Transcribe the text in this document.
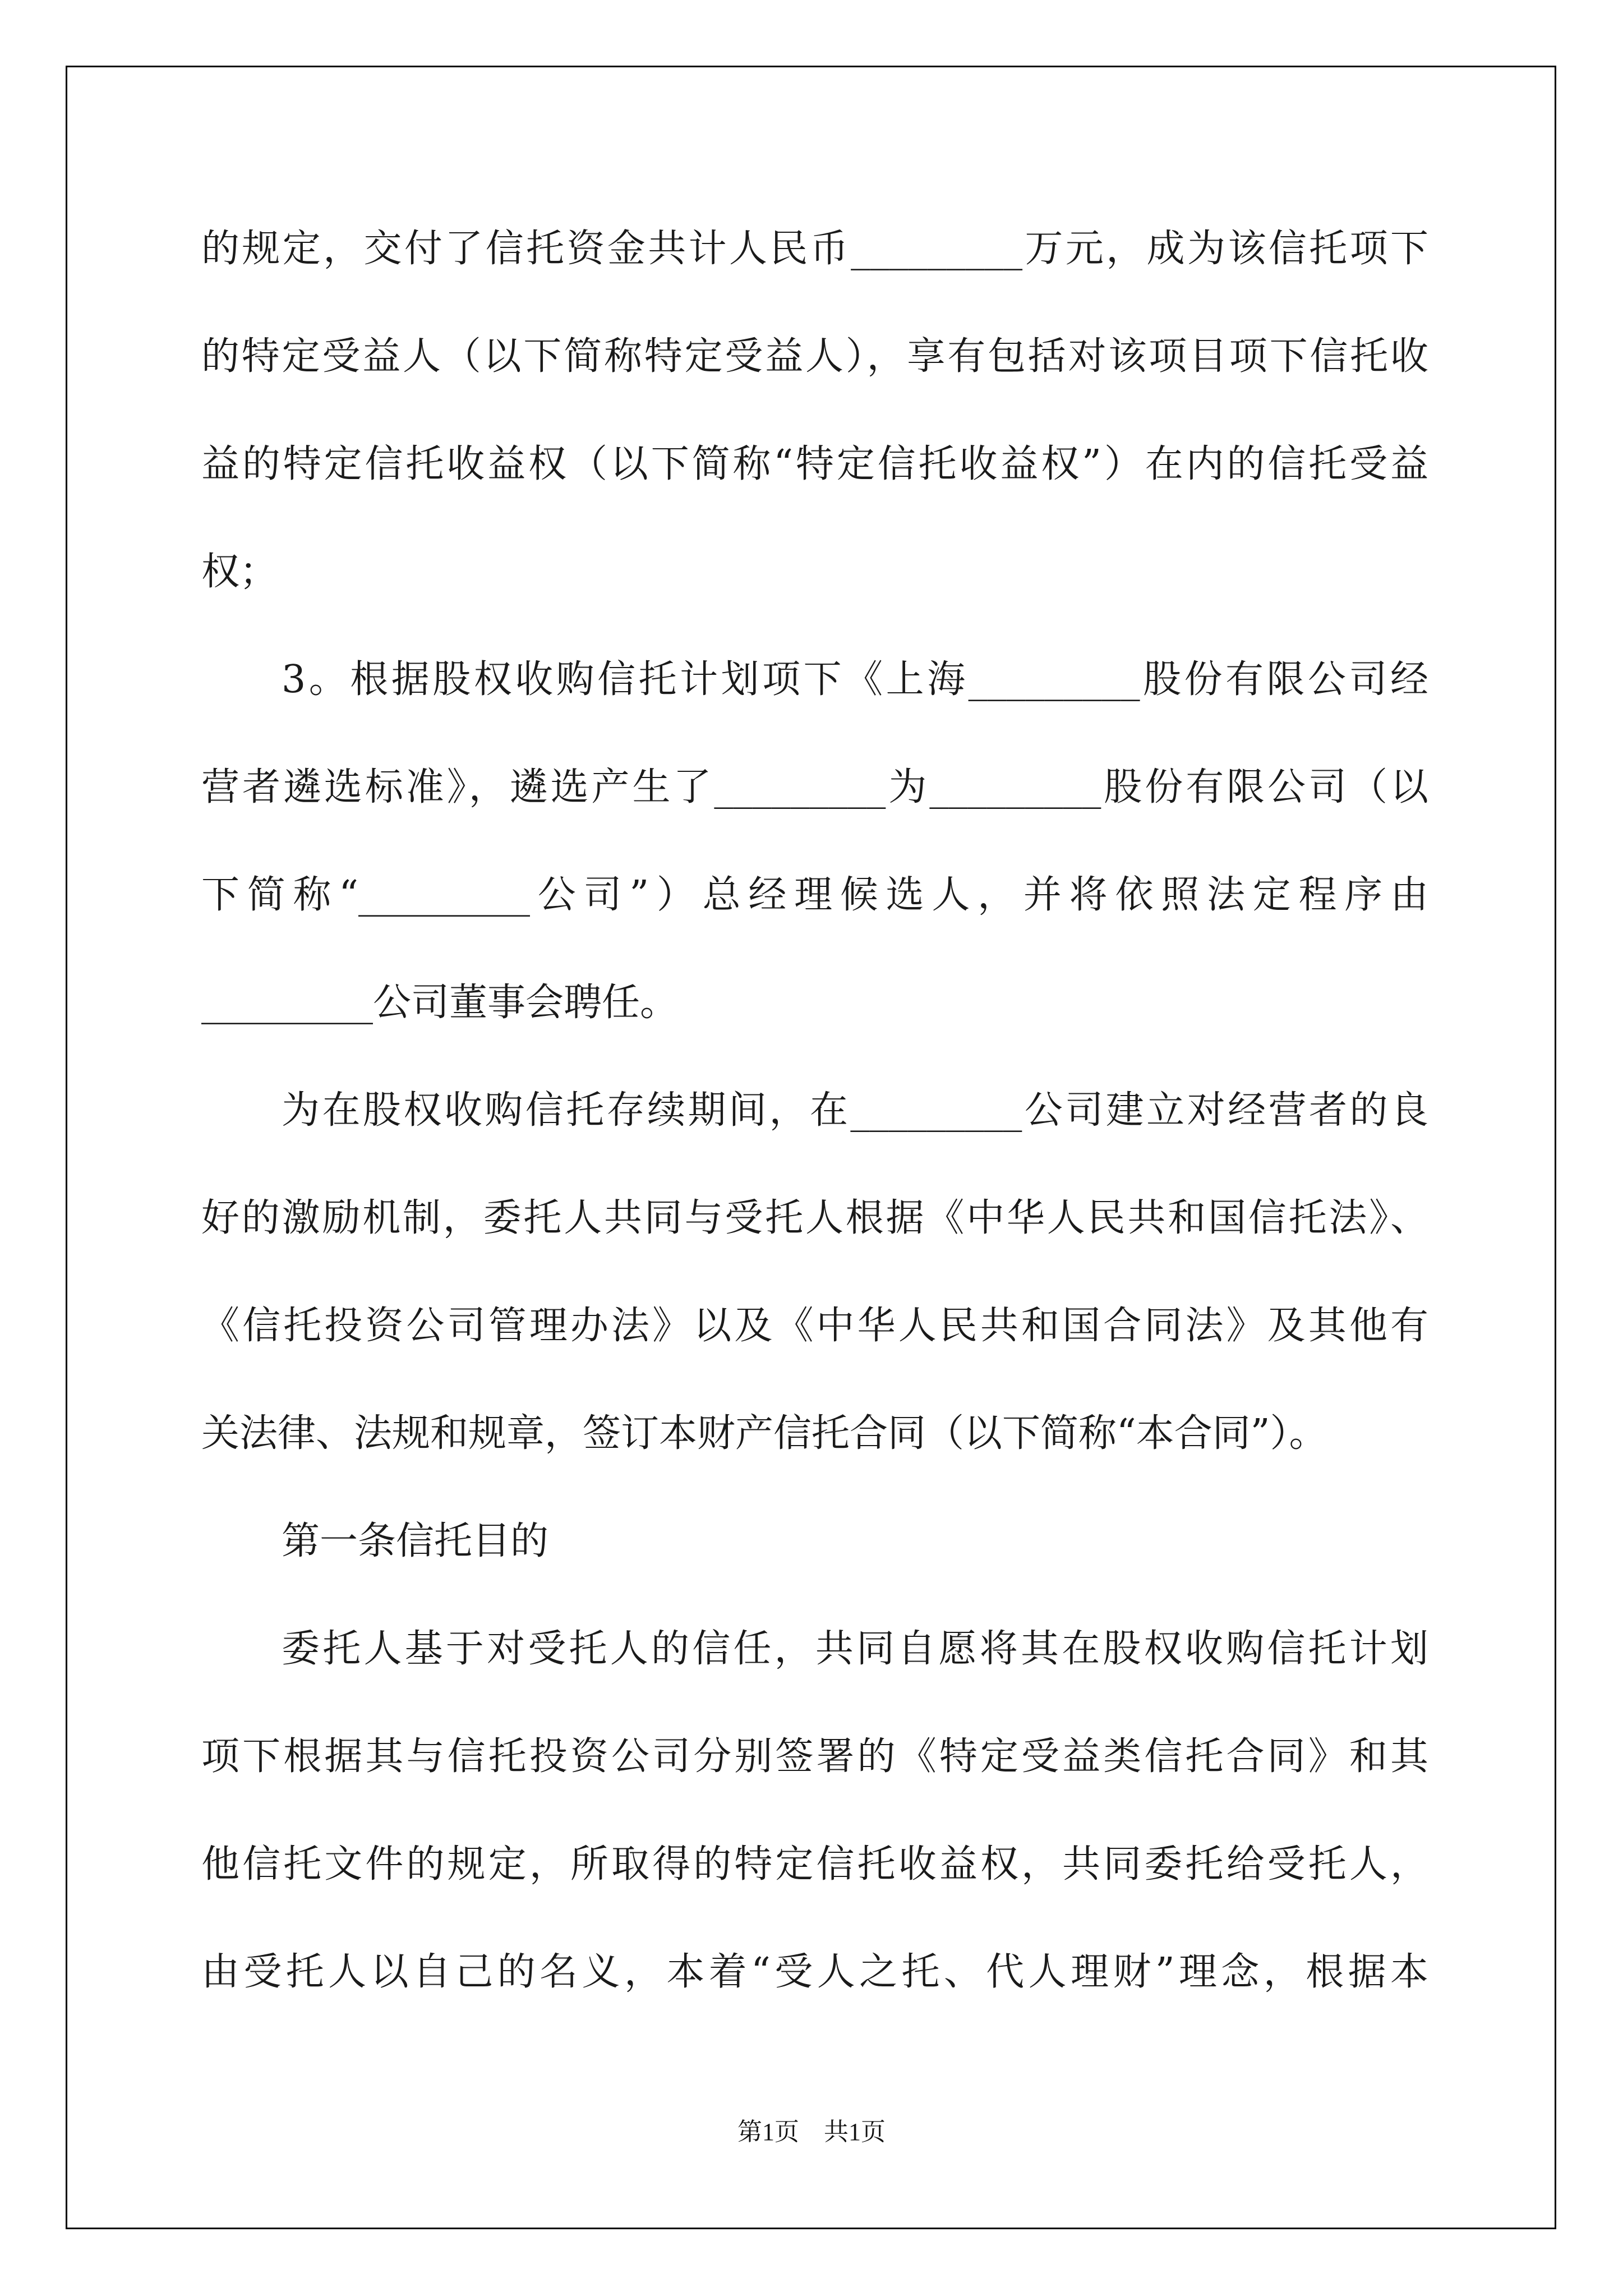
的规定，交付了信托资金共计人民币_________万元，成为该信托项下
的特定受益人（以下简称特定受益人），享有包括对该项目项下信托收
益的特定信托收益权（以下简称“特定信托收益权”）在内的信托受益
权；
3。根据股权收购信托计划项下《上海_________股份有限公司经
营者遴选标准》，遴选产生了_________为_________股份有限公司（以
下简称“_________公司”）总经理候选人，并将依照法定程序由
_________公司董事会聘任。
为在股权收购信托存续期间，在_________公司建立对经营者的良
好的激励机制，委托人共同与受托人根据《中华人民共和国信托法》、
《信托投资公司管理办法》以及《中华人民共和国合同法》及其他有
关法律、法规和规章，签订本财产信托合同（以下简称“本合同”）。
第一条信托目的
委托人基于对受托人的信任，共同自愿将其在股权收购信托计划
项下根据其与信托投资公司分别签署的《特定受益类信托合同》和其
他信托文件的规定，所取得的特定信托收益权，共同委托给受托人，
由受托人以自己的名义，本着“受人之托、代人理财”理念，根据本
第1页　共1页
